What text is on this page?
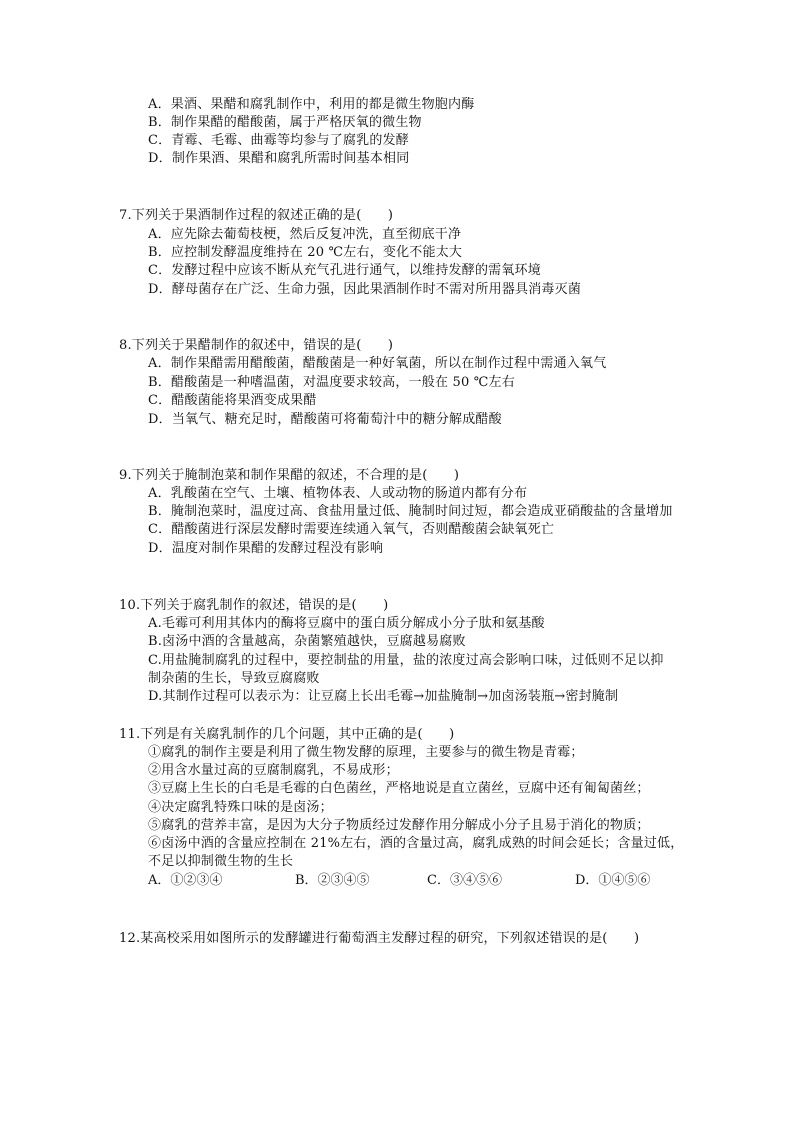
A．果酒、果醋和腐乳制作中，利用的都是微生物胞内酶
B．制作果醋的醋酸菌，属于严格厌氧的微生物
C．青霉、毛霉、曲霉等均参与了腐乳的发酵
D．制作果酒、果醋和腐乳所需时间基本相同
7.下列关于果酒制作过程的叙述正确的是(　　)
A．应先除去葡萄枝梗，然后反复冲洗，直至彻底干净
B．应控制发酵温度维持在 20 ℃左右，变化不能太大
C．发酵过程中应该不断从充气孔进行通气，以维持发酵的需氧环境
D．酵母菌存在广泛、生命力强，因此果酒制作时不需对所用器具消毒灭菌
8.下列关于果醋制作的叙述中，错误的是(　　)
A．制作果醋需用醋酸菌，醋酸菌是一种好氧菌，所以在制作过程中需通入氧气
B．醋酸菌是一种嗜温菌，对温度要求较高，一般在 50 ℃左右
C．醋酸菌能将果酒变成果醋
D．当氧气、糖充足时，醋酸菌可将葡萄汁中的糖分解成醋酸
9.下列关于腌制泡菜和制作果醋的叙述，不合理的是(　　)
A．乳酸菌在空气、土壤、植物体表、人或动物的肠道内都有分布
B．腌制泡菜时，温度过高、食盐用量过低、腌制时间过短，都会造成亚硝酸盐的含量增加
C．醋酸菌进行深层发酵时需要连续通入氧气，否则醋酸菌会缺氧死亡
D．温度对制作果醋的发酵过程没有影响
10.下列关于腐乳制作的叙述，错误的是(　　)
A.毛霉可利用其体内的酶将豆腐中的蛋白质分解成小分子肽和氨基酸
B.卤汤中酒的含量越高，杂菌繁殖越快，豆腐越易腐败
C.用盐腌制腐乳的过程中，要控制盐的用量，盐的浓度过高会影响口味，过低则不足以抑
制杂菌的生长，导致豆腐腐败
D.其制作过程可以表示为：让豆腐上长出毛霉→加盐腌制→加卤汤装瓶→密封腌制
11.下列是有关腐乳制作的几个问题，其中正确的是(　　)
①腐乳的制作主要是利用了微生物发酵的原理，主要参与的微生物是青霉；
②用含水量过高的豆腐制腐乳，不易成形；
③豆腐上生长的白毛是毛霉的白色菌丝，严格地说是直立菌丝，豆腐中还有匍匐菌丝；
④决定腐乳特殊口味的是卤汤；
⑤腐乳的营养丰富，是因为大分子物质经过发酵作用分解成小分子且易于消化的物质；
⑥卤汤中酒的含量应控制在 21%左右，酒的含量过高，腐乳成熟的时间会延长；含量过低，
不足以抑制微生物的生长
A．①②③④	B．②③④⑤	C．③④⑤⑥	D．①④⑤⑥
12.某高校采用如图所示的发酵罐进行葡萄酒主发酵过程的研究，下列叙述错误的是(　　)
